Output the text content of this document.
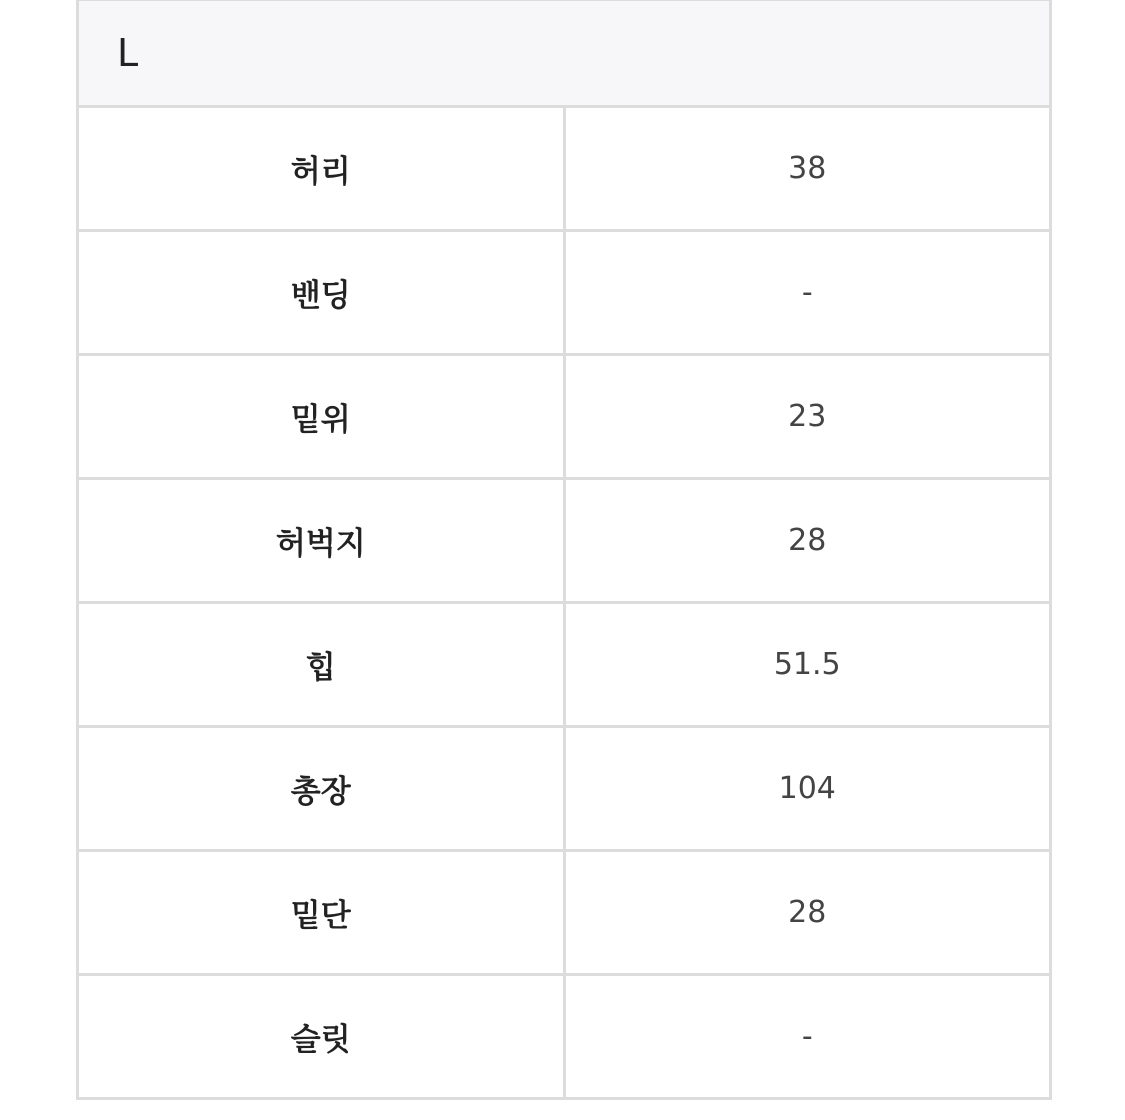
L	
허리	38
밴딩	-
밑위	23
허벅지	28
힙	51.5
총장	104
밑단	28
슬릿	-
